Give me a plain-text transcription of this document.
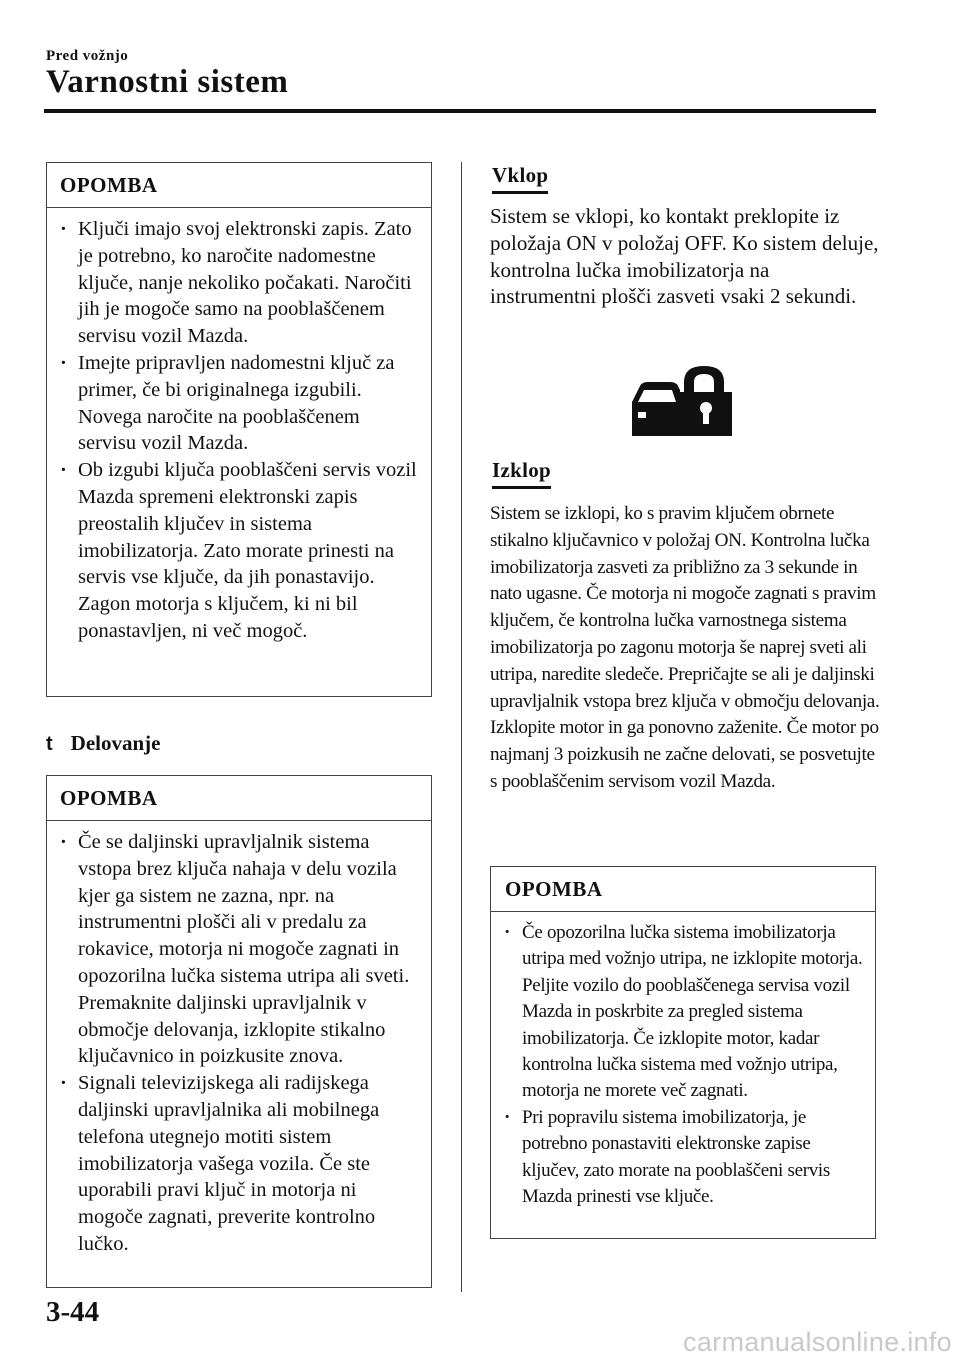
Pred vožnjo
Varnostni sistem
OPOMBA
· Ključi imajo svoj elektronski zapis. Zato je potrebno, ko naročite nadomestne ključe, nanje nekoliko počakati. Naročiti jih je mogoče samo na pooblaščenem servisu vozil Mazda.
· Imejte pripravljen nadomestni ključ za primer, če bi originalnega izgubili. Novega naročite na pooblaščenem servisu vozil Mazda.
· Ob izgubi ključa pooblaščeni servis vozil Mazda spremeni elektronski zapis preostalih ključev in sistema imobilizatorja. Zato morate prinesti na servis vse ključe, da jih ponastavijo.
Zagon motorja s ključem, ki ni bil ponastavljen, ni več mogoč.
t Delovanje
OPOMBA
· Če se daljinski upravljalnik sistema vstopa brez ključa nahaja v delu vozila kjer ga sistem ne zazna, npr. na instrumentni plošči ali v predalu za rokavice, motorja ni mogoče zagnati in opozorilna lučka sistema utripa ali sveti. Premaknite daljinski upravljalnik v območje delovanja, izklopite stikalno ključavnico in poizkusite znova.
· Signali televizijskega ali radijskega daljinski upravljalnika ali mobilnega telefona utegnejo motiti sistem imobilizatorja vašega vozila. Če ste uporabili pravi ključ in motorja ni mogoče zagnati, preverite kontrolno lučko.
Vklop

Sistem se vklopi, ko kontakt preklopite iz položaja ON v položaj OFF. Ko sistem deluje, kontrolna lučka imobilizatorja na instrumentni plošči zasveti vsaki 2 sekundi.

Izklop

Sistem se izklopi, ko s pravim ključem obrnete stikalno ključavnico v položaj ON. Kontrolna lučka imobilizatorja zasveti za približno za 3 sekunde in nato ugasne. Če motorja ni mogoče zagnati s pravim ključem, če kontrolna lučka varnostnega sistema imobilizatorja po zagonu motorja še naprej sveti ali utripa, naredite sledeče. Prepričajte se ali je daljinski upravljalnik vstopa brez ključa v območju delovanja. Izklopite motor in ga ponovno zaženite. Če motor po najmanj 3 poizkusih ne začne delovati, se posvetujte s pooblaščenim servisom vozil Mazda.

OPOMBA
· Če opozorilna lučka sistema imobilizatorja utripa med vožnjo utripa, ne izklopite motorja. Peljite vozilo do pooblaščenega servisa vozil Mazda in poskrbite za pregled sistema imobilizatorja. Če izklopite motor, kadar kontrolna lučka sistema med vožnjo utripa, motorja ne morete več zagnati.
· Pri popravilu sistema imobilizatorja, je potrebno ponastaviti elektronske zapise ključev, zato morate na pooblaščeni servis Mazda prinesti vse ključe.
3-44
carmanualsonline.info
